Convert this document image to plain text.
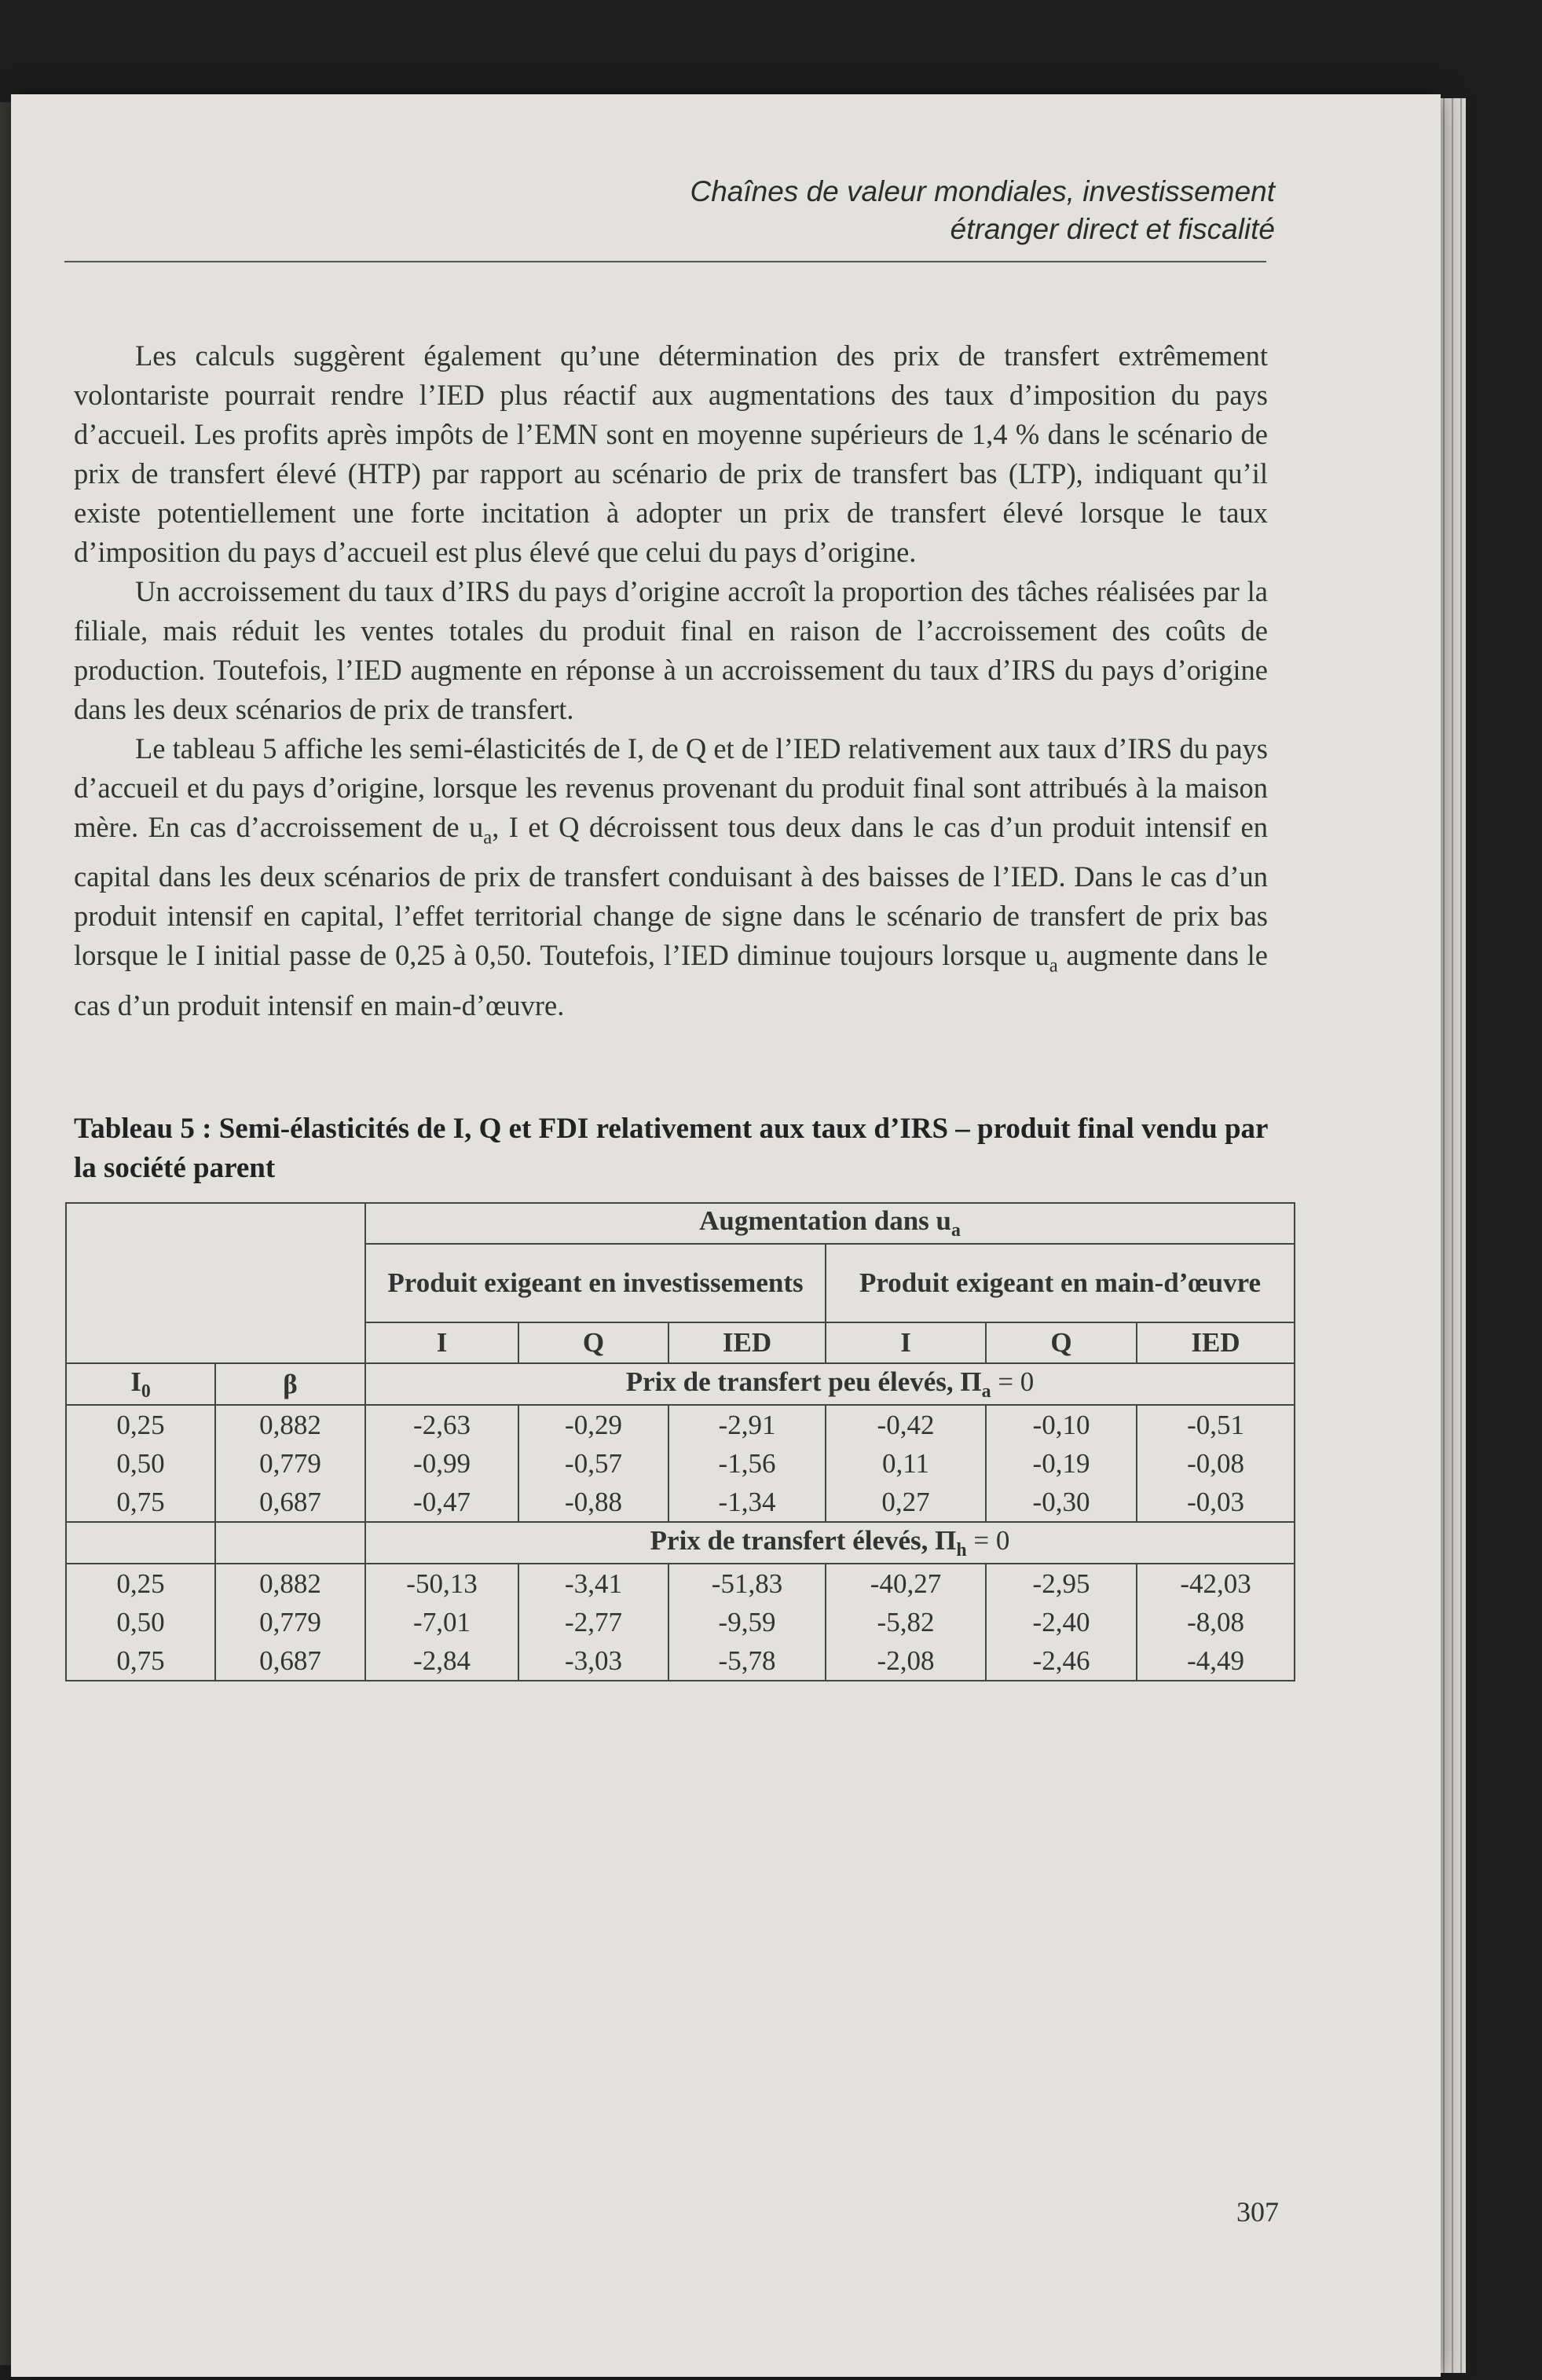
Chaînes de valeur mondiales, investissement
étranger direct et fiscalité

Les calculs suggèrent également qu’une détermination des prix de transfert extrêmement volontariste pourrait rendre l’IED plus réactif aux augmentations des taux d’imposition du pays d’accueil. Les profits après impôts de l’EMN sont en moyenne supérieurs de 1,4 % dans le scénario de prix de transfert élevé (HTP) par rapport au scénario de prix de transfert bas (LTP), indiquant qu’il existe potentiellement une forte incitation à adopter un prix de transfert élevé lorsque le taux d’imposition du pays d’accueil est plus élevé que celui du pays d’origine.

Un accroissement du taux d’IRS du pays d’origine accroît la proportion des tâches réalisées par la filiale, mais réduit les ventes totales du produit final en raison de l’accroissement des coûts de production. Toutefois, l’IED augmente en réponse à un accroissement du taux d’IRS du pays d’origine dans les deux scénarios de prix de transfert.

Le tableau 5 affiche les semi-élasticités de I, de Q et de l’IED relativement aux taux d’IRS du pays d’accueil et du pays d’origine, lorsque les revenus provenant du produit final sont attribués à la maison mère. En cas d’accroissement de $u_a$, I et Q décroissent tous deux dans le cas d’un produit intensif en capital dans les deux scénarios de prix de transfert conduisant à des baisses de l’IED. Dans le cas d’un produit intensif en capital, l’effet territorial change de signe dans le scénario de transfert de prix bas lorsque le I initial passe de 0,25 à 0,50. Toutefois, l’IED diminue toujours lorsque $u_a$ augmente dans le cas d’un produit intensif en main-d’œuvre.

Tableau 5 : Semi-élasticités de I, Q et FDI relativement aux taux d’IRS – produit final vendu par la société parent
		Augmentation dans $u_a$
		Produit exigeant en investissements			Produit exigeant en main-d’œuvre		
		I	Q	IED	I	Q	IED
$I_0$	β	Prix de transfert peu élevés, $\Pi_a = 0$					
0,25	0,882	-2,63	-0,29	-2,91	-0,42	-0,10	-0,51
0,50	0,779	-0,99	-0,57	-1,56	0,11	-0,19	-0,08
0,75	0,687	-0,47	-0,88	-1,34	0,27	-0,30	-0,03
		Prix de transfert élevés, $\Pi_h = 0$					
0,25	0,882	-50,13	-3,41	-51,83	-40,27	-2,95	-42,03
0,50	0,779	-7,01	-2,77	-9,59	-5,82	-2,40	-8,08
0,75	0,687	-2,84	-3,03	-5,78	-2,08	-2,46	-4,49
307
